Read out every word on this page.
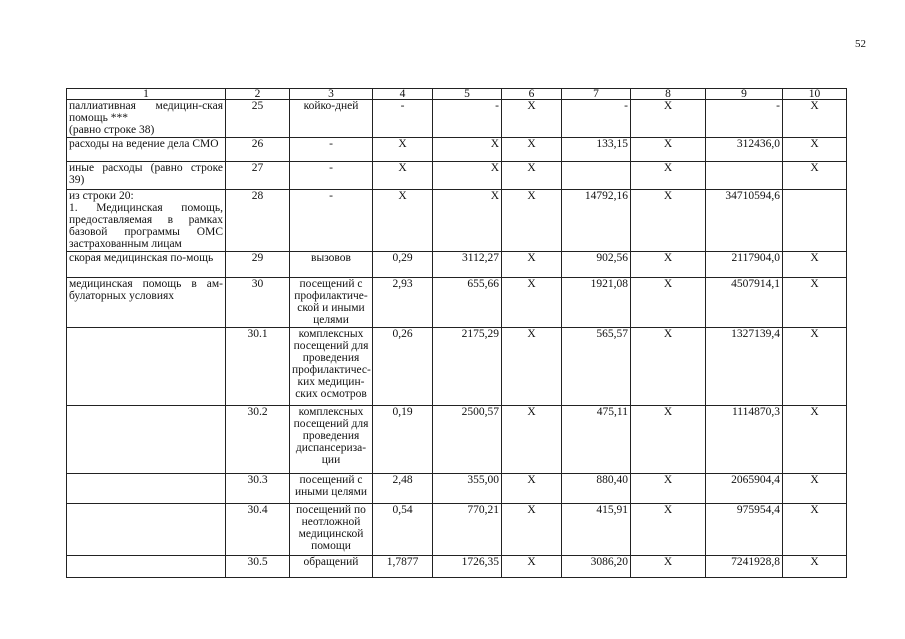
52
1	2	3	4	5	6	7	8	9	10
паллиативная медицин-ская помощь ***
(равно строке 38)	25	койко-дней	-	-	X	-	X	-	X
расходы на ведение дела СМО	26	-	X	X	X	133,15	X	312436,0	X
иные расходы (равно строке 39)	27	-	X	X	X		X		X
из строки 20:
1. Медицинская помощь, предоставляемая в рамках базовой программы ОМС застрахованным лицам	28	-	X	X	X	14792,16	X	34710594,6	
скорая медицинская по-мощь	29	вызовов	0,29	3112,27	X	902,56	X	2117904,0	X
медицинская помощь в ам-булаторных условиях	30	посещений с профилактиче-ской и иными целями	2,93	655,66	X	1921,08	X	4507914,1	X
	30.1	комплексных посещений для проведения профилактичес-ких медицин-ских осмотров	0,26	2175,29	X	565,57	X	1327139,4	X
	30.2	комплексных посещений для проведения диспансериза-ции	0,19	2500,57	X	475,11	X	1114870,3	X
	30.3	посещений с иными целями	2,48	355,00	X	880,40	X	2065904,4	X
	30.4	посещений по неотложной медицинской помощи	0,54	770,21	X	415,91	X	975954,4	X
	30.5	обращений	1,7877	1726,35	X	3086,20	X	7241928,8	X
